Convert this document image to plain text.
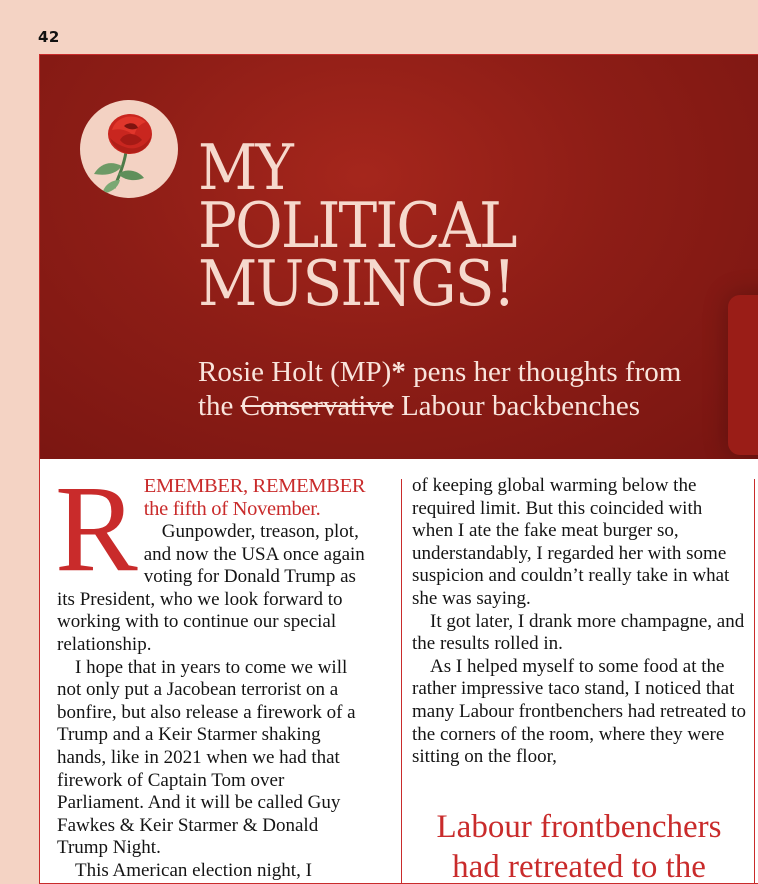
42
MY
POLITICAL
MUSINGS!

Rosie Holt (MP)* pens her thoughts from
the Conservative Labour backbenches

R EMEMBER, REMEMBER
the fifth of November.

Gunpowder, treason, plot, and now the USA once again voting for Donald Trump as its President, who we look forward to working with to continue our special relationship.

I hope that in years to come we will not only put a Jacobean terrorist on a bonfire, but also release a firework of a Trump and a Keir Starmer shaking hands, like in 2021 when we had that firework of Captain Tom over Parliament. And it will be called Guy Fawkes & Keir Starmer & Donald Trump Night.

This American election night, I

of keeping global warming below the required limit. But this coincided with when I ate the fake meat burger so, understandably, I regarded her with some suspicion and couldn’t really take in what she was saying.

It got later, I drank more champagne, and the results rolled in.

As I helped myself to some food at the rather impressive taco stand, I noticed that many Labour frontbenchers had retreated to the corners of the room, where they were sitting on the floor,

Labour frontbenchers had retreated to the
